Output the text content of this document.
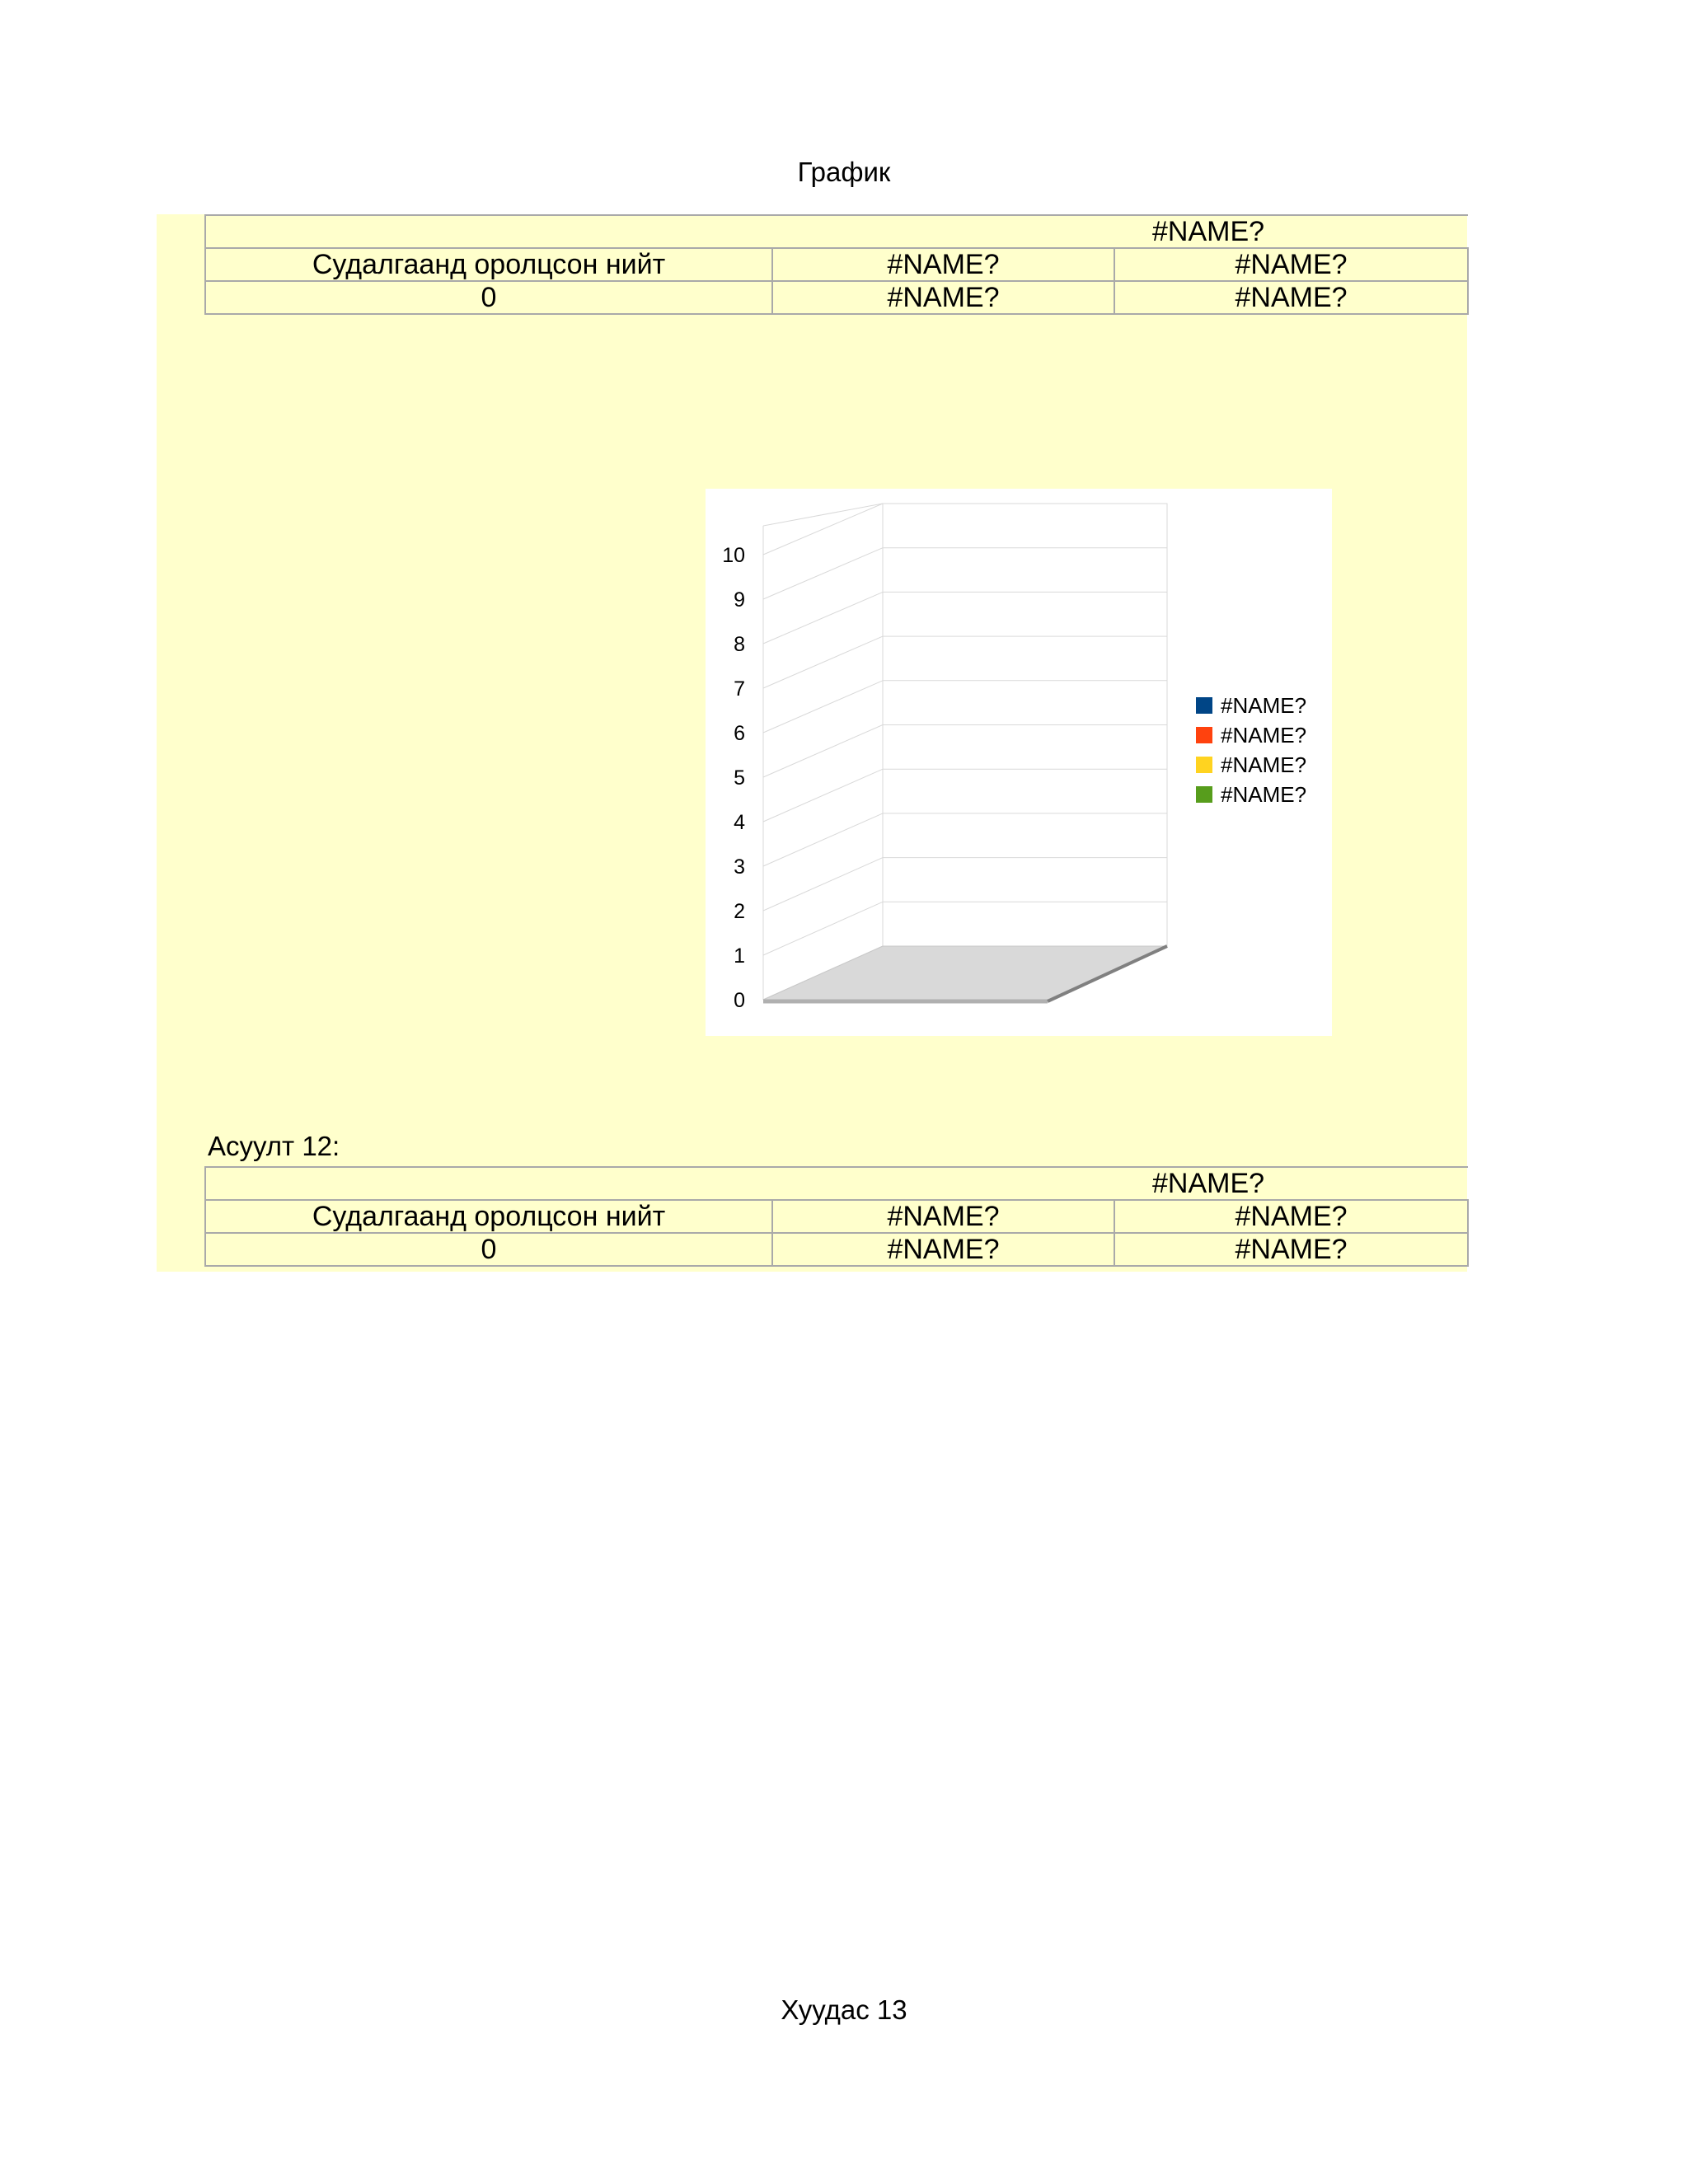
График
#NAME?		
Судалгаанд оролцсон нийт	#NAME?	#NAME?
0	#NAME?	#NAME?
0
1
2
3
4
5
6
7
8
9
10
#NAME?
#NAME?
#NAME?
#NAME?
Асуулт 12:
#NAME?		
Судалгаанд оролцсон нийт	#NAME?	#NAME?
0	#NAME?	#NAME?
Хуудас 13
